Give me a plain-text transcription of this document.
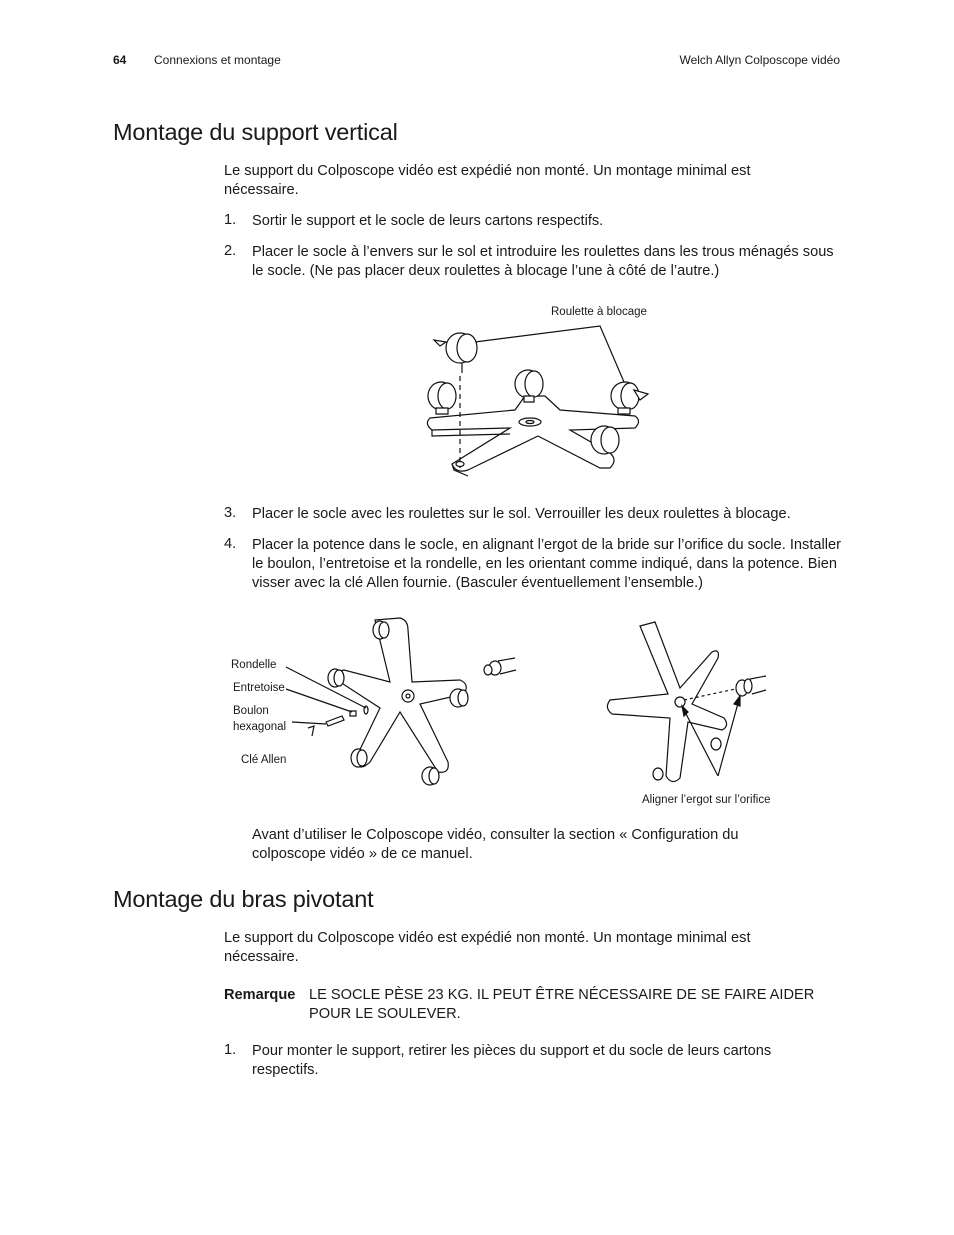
64 Connexions et montage	Welch Allyn Colposcope vidéo
Montage du support vertical
Le support du Colposcope vidéo est expédié non monté. Un montage minimal est nécessaire.
1. Sortir le support et le socle de leurs cartons respectifs.
2. Placer le socle à l’envers sur le sol et introduire les roulettes dans les trous ménagés sous le socle. (Ne pas placer deux roulettes à blocage l’une à côté de l’autre.)
Roulette à blocage
3. Placer le socle avec les roulettes sur le sol. Verrouiller les deux roulettes à blocage.
4. Placer la potence dans le socle, en alignant l’ergot de la bride sur l’orifice du socle. Installer le boulon, l’entretoise et la rondelle, en les orientant comme indiqué, dans la potence. Bien visser avec la clé Allen fournie. (Basculer éventuellement l’ensemble.)
Rondelle
Entretoise
Boulon hexagonal
Clé Allen
Aligner l’ergot sur l’orifice
Avant d’utiliser le Colposcope vidéo, consulter la section « Configuration du colposcope vidéo » de ce manuel.
Montage du bras pivotant
Le support du Colposcope vidéo est expédié non monté. Un montage minimal est nécessaire.
Remarque LE SOCLE PÈSE 23 KG. IL PEUT ÊTRE NÉCESSAIRE DE SE FAIRE AIDER POUR LE SOULEVER.
1. Pour monter le support, retirer les pièces du support et du socle de leurs cartons respectifs.
